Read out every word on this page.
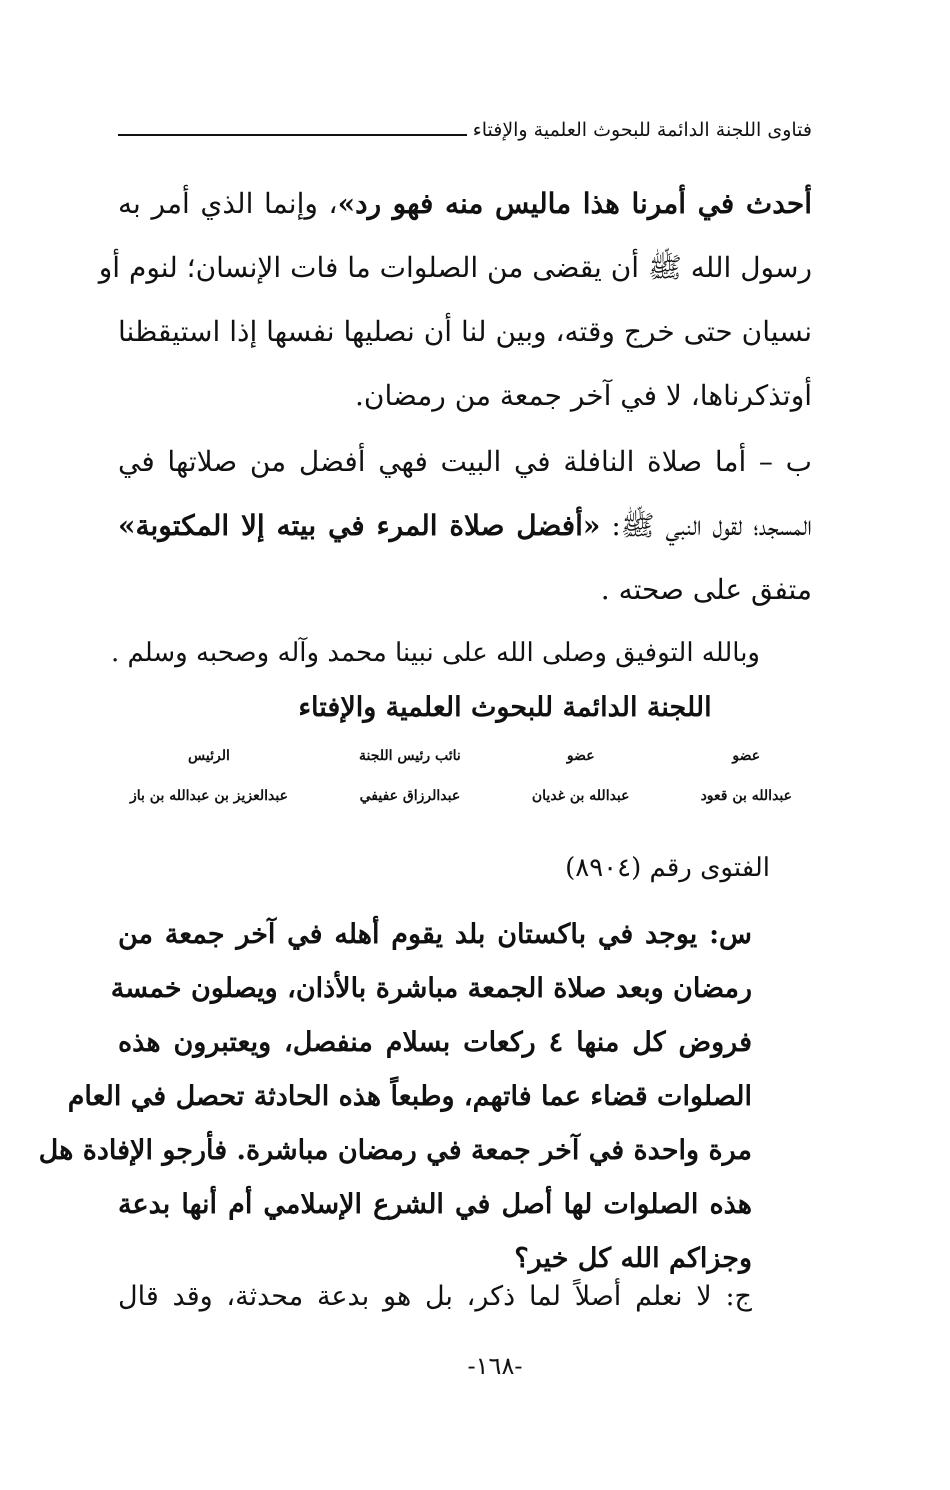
فتاوى اللجنة الدائمة للبحوث العلمية والإفتاء
أحدث في أمرنا هذا ماليس منه فهو رد»، وإنما الذي أمر به
رسول الله ﷺ أن يقضى من الصلوات ما فات الإنسان؛ لنوم أو
نسيان حتى خرج وقته، وبين لنا أن نصليها نفسها إذا استيقظنا
أوتذكرناها، لا في آخر جمعة من رمضان.
ب – أما صلاة النافلة في البيت فهي أفضل من صلاتها في
المسجد؛ لقول النبي ﷺ: «أفضل صلاة المرء في بيته إلا المكتوبة»
متفق على صحته .
وبالله التوفيق وصلى الله على نبينا محمد وآله وصحبه وسلم .
اللجنة الدائمة للبحوث العلمية والإفتاء
عضو
عبدالله بن قعود
عضو
عبدالله بن غديان
نائب رئيس اللجنة
عبدالرزاق عفيفي
الرئيس
عبدالعزيز بن عبدالله بن باز
الفتوى رقم (٨٩٠٤)
س: يوجد في باكستان بلد يقوم أهله في آخر جمعة من
رمضان وبعد صلاة الجمعة مباشرة بالأذان، ويصلون خمسة
فروض كل منها ٤ ركعات بسلام منفصل، ويعتبرون هذه
الصلوات قضاء عما فاتهم، وطبعاً هذه الحادثة تحصل في العام
مرة واحدة في آخر جمعة في رمضان مباشرة. فأرجو الإفادة هل
هذه الصلوات لها أصل في الشرع الإسلامي أم أنها بدعة
وجزاكم الله كل خير؟
ج: لا نعلم أصلاً لما ذكر، بل هو بدعة محدثة، وقد قال
-١٦٨-
